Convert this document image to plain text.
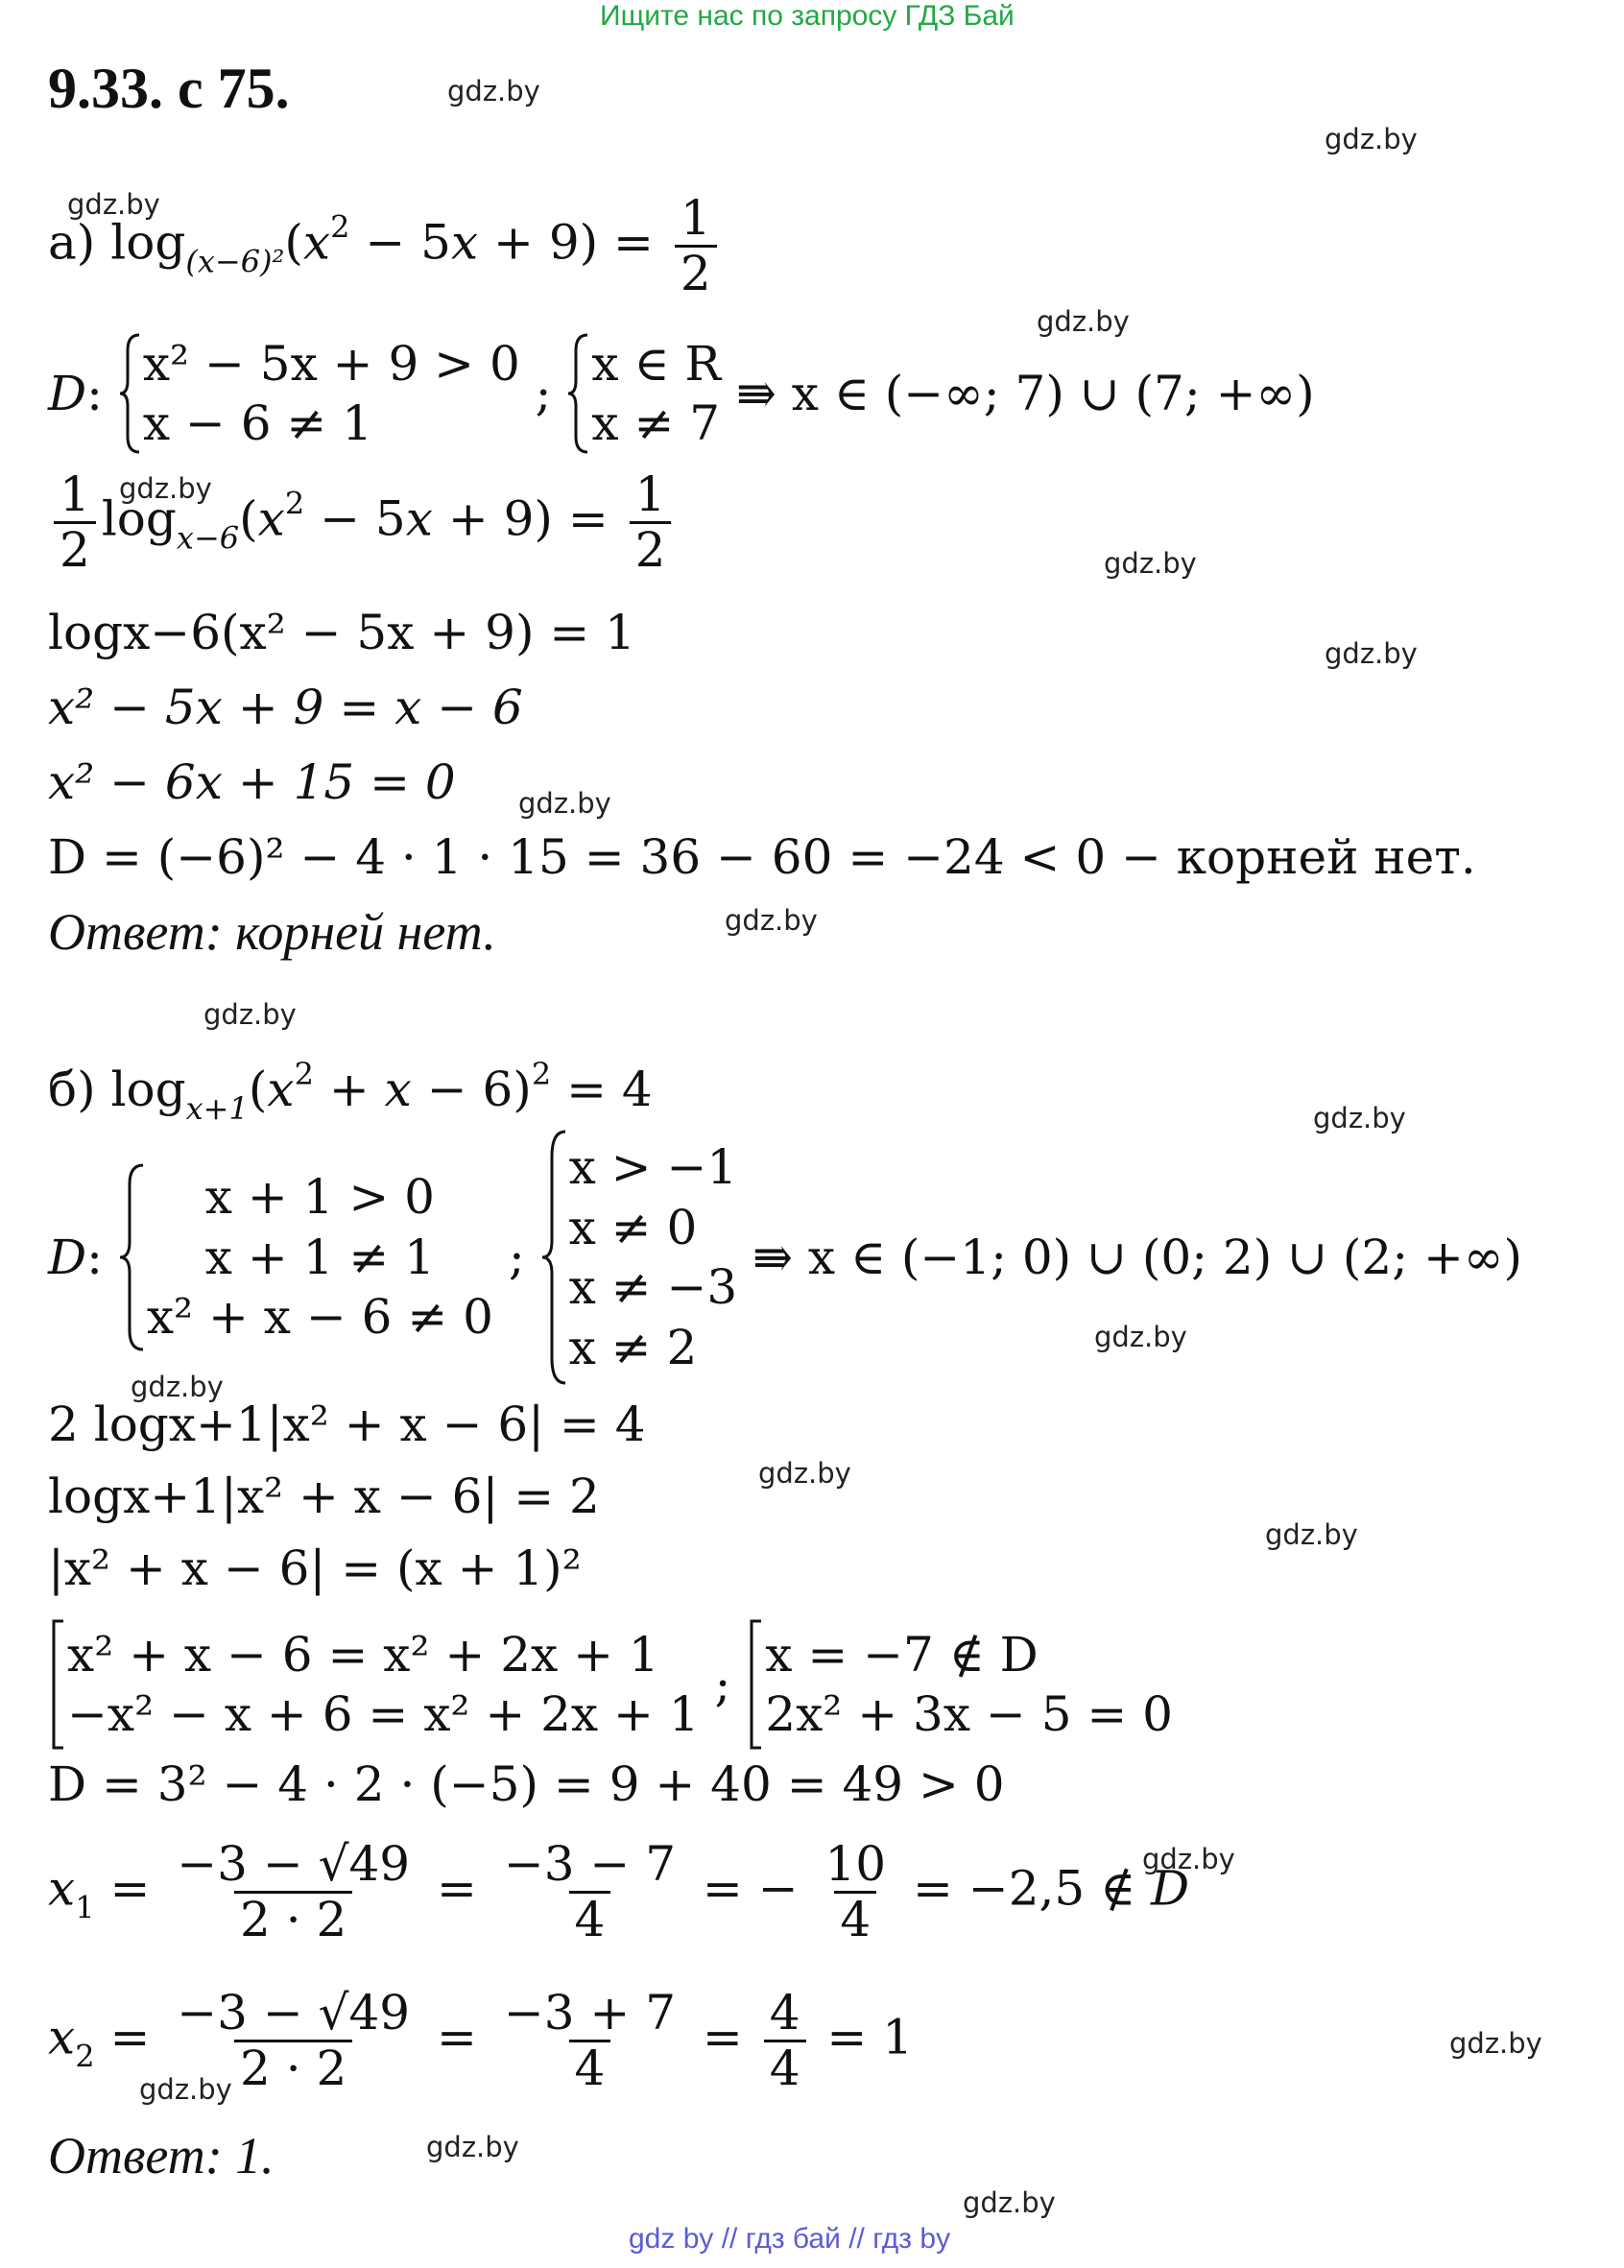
Ищите нас по запросу ГДЗ Бай
9.33. с 75.	gdz.by
gdz.by
gdz.by
gdz.by
gdz.by
gdz.by
gdz.by
gdz.by
gdz.by
gdz.by
gdz.by
gdz.by
gdz.by
gdz.by
gdz.by
gdz.by
gdz.by
gdz.by
gdz.by
gdz.by
а) $\log_{(x-6)^2}(x^2 - 5x + 9) = \frac{1}{2}$
D :
x² − 5x + 9 > 0
x − 6 ≠ 1
;
x ∈ R
x ≠ 7

⇛ x ∈ (−∞; 7) ∪ (7; +∞)
$\frac{1}{2} \log_{x-6}(x^2 - 5x + 9) = \frac{1}{2}$
logx−6(x² − 5x + 9) = 1
x² − 5x + 9 = x − 6
x² − 6x + 15 = 0
D = (−6)² − 4 · 1 · 15 = 36 − 60 = −24 < 0 − корней нет.
Ответ: корней нет.
б) $\log_{x+1}(x^2 + x - 6)^2 = 4$
D :
x + 1 > 0
x + 1 ≠ 1
x² + x − 6 ≠ 0
;
x > −1
x ≠ 0
x ≠ −3
x ≠ 2

⇛ x ∈ (−1; 0) ∪ (0; 2) ∪ (2; +∞)
2 logx+1|x² + x − 6| = 4
logx+1|x² + x − 6| = 2
|x² + x − 6| = (x + 1)²
x² + x − 6 = x² + 2x + 1
−x² − x + 6 = x² + 2x + 1
;
x = −7 ∉ D
2x² + 3x − 5 = 0
D = 3² − 4 · 2 · (−5) = 9 + 40 = 49 > 0
$x_1 = \frac{-3 - √49}{2 \cdot 2} = \frac{-3 - 7}{4}$ = − $\frac{10}{4} = -2,5$ ∉ D
$x_2 = \frac{-3 - √49}{2 \cdot 2} = \frac{-3 + 7}{4} = \frac{4}{4} = 1$
Ответ: 1.
gdz by // гдз бай // гдз by
